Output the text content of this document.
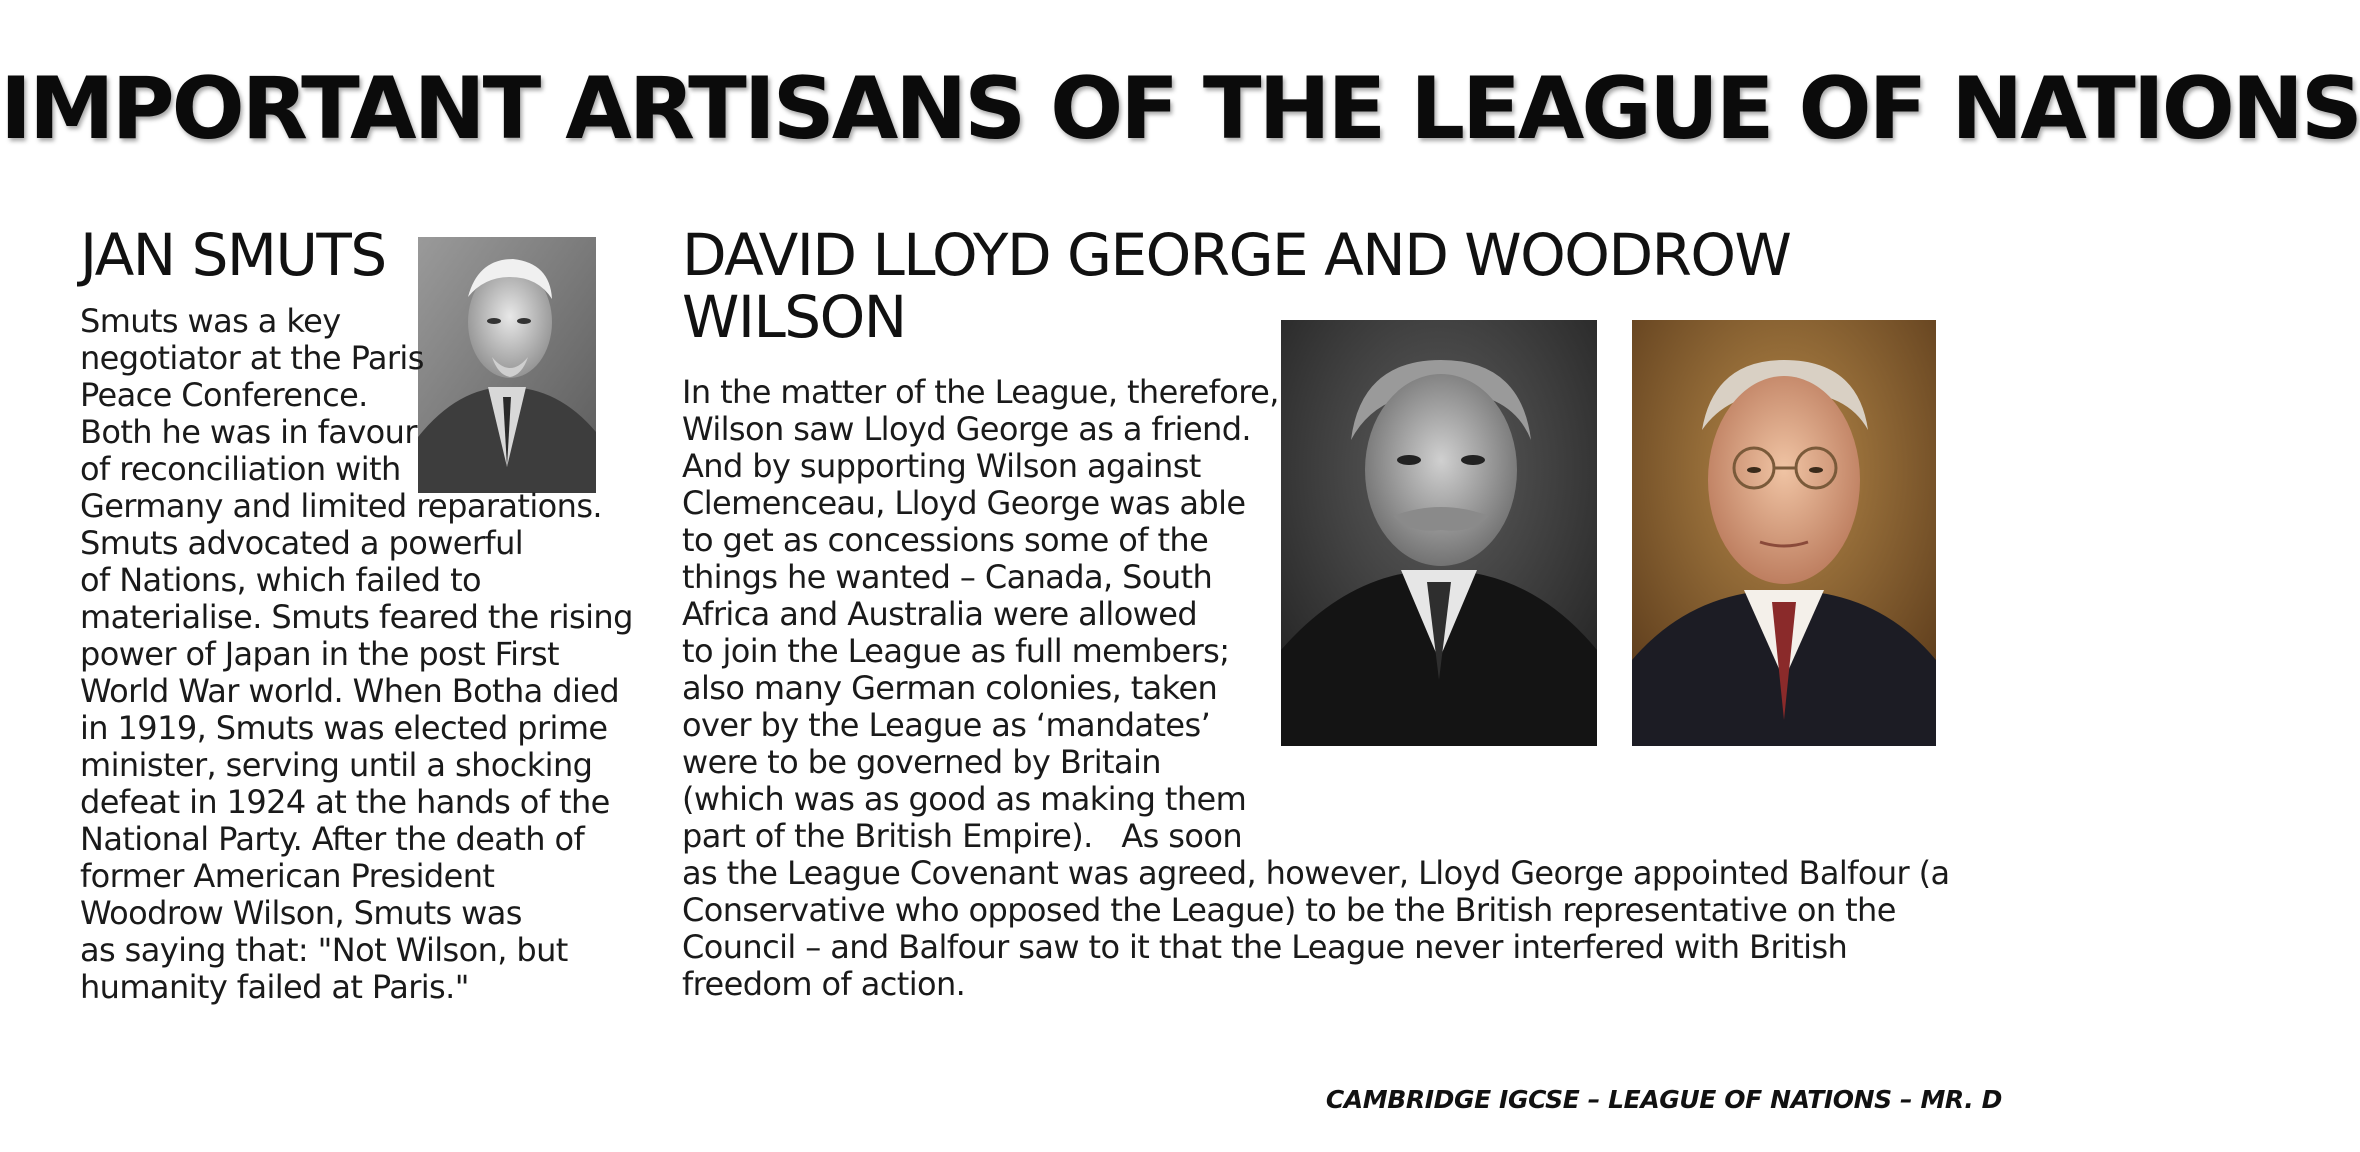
IMPORTANT ARTISANS OF THE LEAGUE OF NATIONS
JAN SMUTS
Smuts was a key
negotiator at the Paris
Peace Conference.
Both he was in favour
of reconciliation with
Germany and limited reparations.
Smuts advocated a powerful
of Nations, which failed to
materialise. Smuts feared the rising
power of Japan in the post First
World War world. When Botha died
in 1919, Smuts was elected prime
minister, serving until a shocking
defeat in 1924 at the hands of the
National Party. After the death of
former American President
Woodrow Wilson, Smuts was
as saying that: "Not Wilson, but
humanity failed at Paris."
DAVID LLOYD GEORGE AND WOODROW
WILSON
In the matter of the League, therefore,
Wilson saw Lloyd George as a friend.
And by supporting Wilson against
Clemenceau, Lloyd George was able
to get as concessions some of the
things he wanted – Canada, South
Africa and Australia were allowed
to join the League as full members;
also many German colonies, taken
over by the League as ‘mandates’
were to be governed by Britain
(which was as good as making them
part of the British Empire).   As soon
as the League Covenant was agreed, however, Lloyd George appointed Balfour (a
Conservative who opposed the League) to be the British representative on the
Council – and Balfour saw to it that the League never interfered with British
freedom of action.
CAMBRIDGE IGCSE – LEAGUE OF NATIONS – MR. D
